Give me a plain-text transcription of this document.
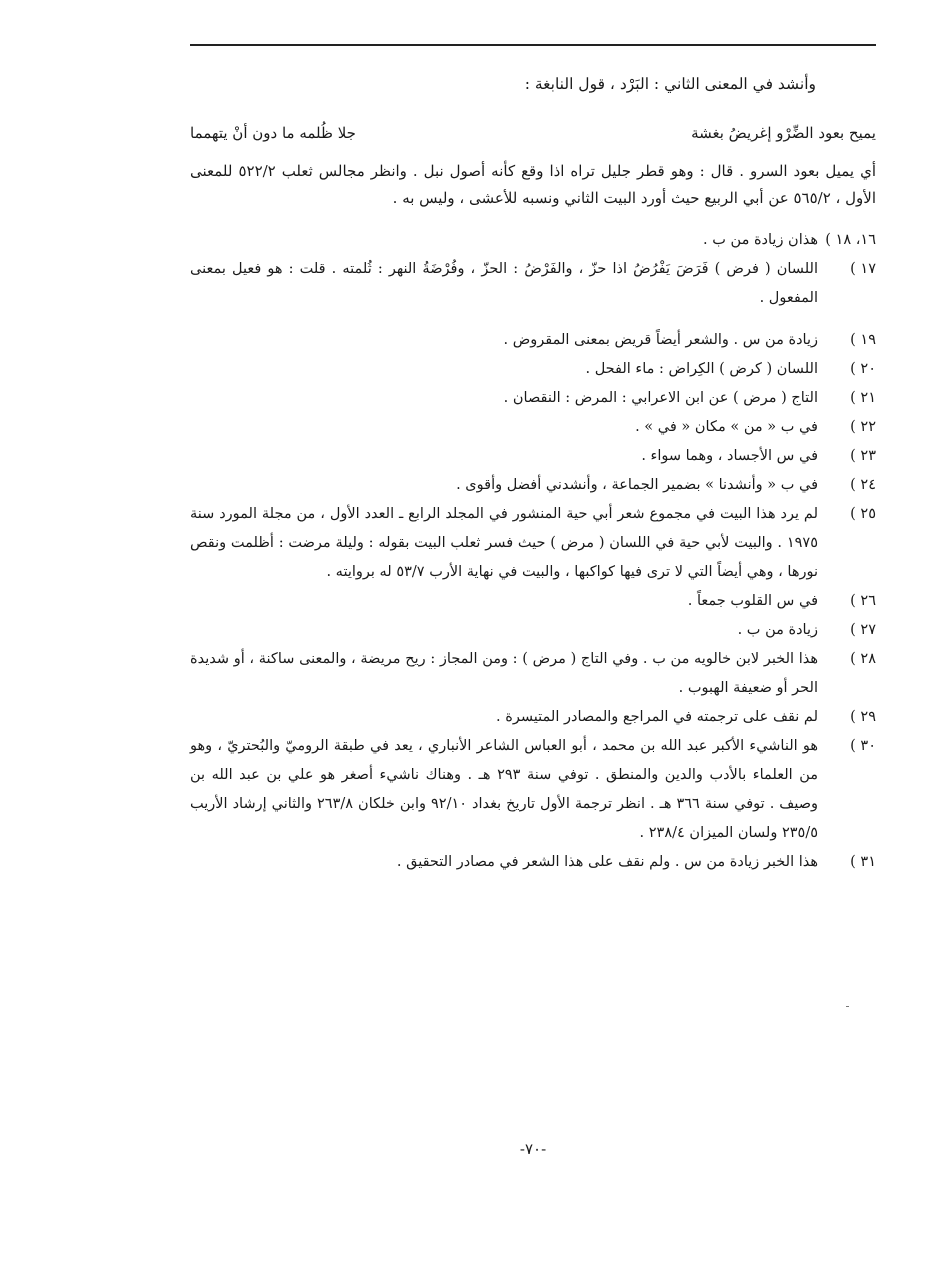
وأنشد في المعنى الثاني : البَرْد ، قول النابغة :
يميح بعود الضِّرْو إغريضُ بغشة
جلا ظُلمه ما دون أنْ يتهمما
أي يميل بعود السرو . قال : وهو قطر جليل تراه اذا وقع كأنه أصول نبل . وانظر مجالس ثعلب ٥٢٢/٢ للمعنى الأول ، ٥٦٥/٢ عن أبي الربيع حيث أورد البيت الثاني ونسبه للأعشى ، وليس به .
١٦، ١٨ )
هذان زيادة من ب .
١٧ )
اللسان ( فرض ) فَرَضَ يَفْرُضُ اذا حزّ ، والفَرْضُ : الحزّ ، وفُرْضَةُ النهر : ثُلمته . قلت : هو فعيل بمعنى المفعول .
١٩ )
زيادة من س . والشعر أيضاً قريض بمعنى المقروض .
٢٠ )
اللسان ( كرض ) الكِراض : ماء الفحل .
٢١ )
التاج ( مرض ) عن ابن الاعرابي : المرض : النقصان .
٢٢ )
في ب « من » مكان « في » .
٢٣ )
في س الأجساد ، وهما سواء .
٢٤ )
في ب « وأنشدنا » بضمير الجماعة ، وأنشدني أفضل وأقوى .
٢٥ )
لم يرد هذا البيت في مجموع شعر أبي حية المنشور في المجلد الرابع ـ العدد الأول ، من مجلة المورد سنة ١٩٧٥ . والبيت لأبي حية في اللسان ( مرض ) حيث فسر ثعلب البيت بقوله : وليلة مرضت : أظلمت ونقص نورها ، وهي أيضاً التي لا ترى فيها كواكبها ، والبيت في نهاية الأرب ٥٣/٧ له بروايته .
٢٦ )
في س القلوب جمعاً .
٢٧ )
زيادة من ب .
٢٨ )
هذا الخبر لابن خالويه من ب . وفي التاج ( مرض ) : ومن المجاز : ريح مريضة ، والمعنى ساكنة ، أو شديدة الحر أو ضعيفة الهبوب .
٢٩ )
لم نقف على ترجمته في المراجع والمصادر المتيسرة .
٣٠ )
هو الناشيء الأكبر عبد الله بن محمد ، أبو العباس الشاعر الأنباري ، يعد في طبقة الروميّ والبُحتريّ ، وهو من العلماء بالأدب والدين والمنطق . توفي سنة ٢٩٣ هـ . وهناك ناشيء أصغر هو علي بن عبد الله بن وصيف . توفي سنة ٣٦٦ هـ . انظر ترجمة الأول تاريخ بغداد ٩٢/١٠ وابن خلكان ٢٦٣/٨ والثاني إرشاد الأريب ٢٣٥/٥ ولسان الميزان ٢٣٨/٤ .
٣١ )
هذا الخبر زيادة من س . ولم نقف على هذا الشعر في مصادر التحقيق .
-٧٠-
